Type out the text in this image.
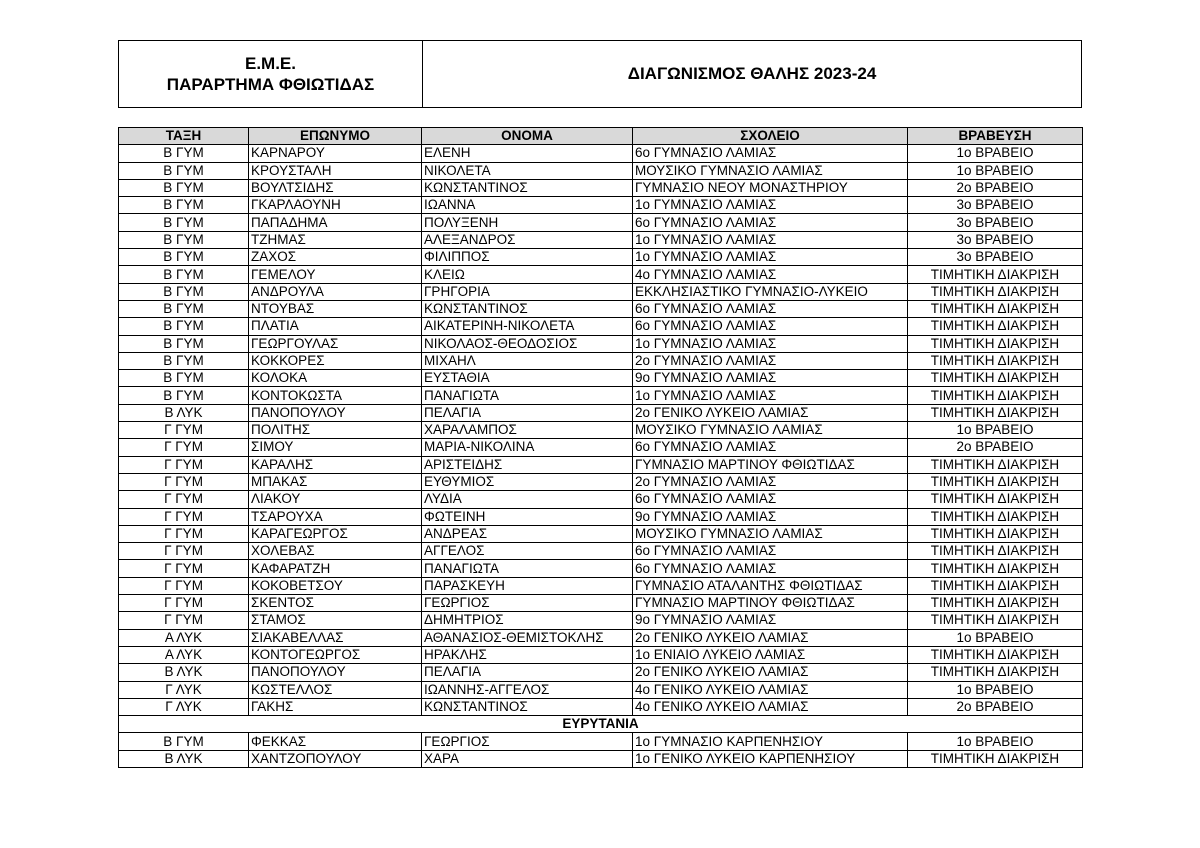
Ε.Μ.Ε.
ΠΑΡΑΡΤΗΜΑ ΦΘΙΩΤΙΔΑΣ
ΔΙΑΓΩΝΙΣΜΟΣ ΘΑΛΗΣ 2023-24
ΤΑΞΗ	ΕΠΩΝΥΜΟ	ΟΝΟΜΑ	ΣΧΟΛΕΙΟ	ΒΡΑΒΕΥΣΗ
Β ΓΥΜ	ΚΑΡΝΑΡΟΥ	ΕΛΕΝΗ	6ο ΓΥΜΝΑΣΙΟ ΛΑΜΙΑΣ	1ο ΒΡΑΒΕΙΟ
Β ΓΥΜ	ΚΡΟΥΣΤΑΛΗ	ΝΙΚΟΛΕΤΑ	ΜΟΥΣΙΚΟ ΓΥΜΝΑΣΙΟ ΛΑΜΙΑΣ	1ο ΒΡΑΒΕΙΟ
Β ΓΥΜ	ΒΟΥΛΤΣΙΔΗΣ	ΚΩΝΣΤΑΝΤΙΝΟΣ	ΓΥΜΝΑΣΙΟ ΝΕΟΥ ΜΟΝΑΣΤΗΡΙΟΥ	2ο ΒΡΑΒΕΙΟ
Β ΓΥΜ	ΓΚΑΡΛΑΟΥΝΗ	ΙΩΑΝΝΑ	1ο ΓΥΜΝΑΣΙΟ ΛΑΜΙΑΣ	3ο ΒΡΑΒΕΙΟ
Β ΓΥΜ	ΠΑΠΑΔΗΜΑ	ΠΟΛΥΞΕΝΗ	6ο ΓΥΜΝΑΣΙΟ ΛΑΜΙΑΣ	3ο ΒΡΑΒΕΙΟ
Β ΓΥΜ	ΤΖΗΜΑΣ	ΑΛΕΞΑΝΔΡΟΣ	1ο ΓΥΜΝΑΣΙΟ ΛΑΜΙΑΣ	3ο ΒΡΑΒΕΙΟ
Β ΓΥΜ	ΖΑΧΟΣ	ΦΙΛΙΠΠΟΣ	1ο ΓΥΜΝΑΣΙΟ ΛΑΜΙΑΣ	3ο ΒΡΑΒΕΙΟ
Β ΓΥΜ	ΓΕΜΕΛΟΥ	ΚΛΕΙΩ	4ο ΓΥΜΝΑΣΙΟ ΛΑΜΙΑΣ	ΤΙΜΗΤΙΚΗ ΔΙΑΚΡΙΣΗ
Β ΓΥΜ	ΑΝΔΡΟΥΛΑ	ΓΡΗΓΟΡΙΑ	ΕΚΚΛΗΣΙΑΣΤΙΚΟ ΓΥΜΝΑΣΙΟ-ΛΥΚΕΙΟ	ΤΙΜΗΤΙΚΗ ΔΙΑΚΡΙΣΗ
Β ΓΥΜ	ΝΤΟΥΒΑΣ	ΚΩΝΣΤΑΝΤΙΝΟΣ	6ο ΓΥΜΝΑΣΙΟ ΛΑΜΙΑΣ	ΤΙΜΗΤΙΚΗ ΔΙΑΚΡΙΣΗ
Β ΓΥΜ	ΠΛΑΤΙΑ	ΑΙΚΑΤΕΡΙΝΗ-ΝΙΚΟΛΕΤΑ	6ο ΓΥΜΝΑΣΙΟ ΛΑΜΙΑΣ	ΤΙΜΗΤΙΚΗ ΔΙΑΚΡΙΣΗ
Β ΓΥΜ	ΓΕΩΡΓΟΥΛΑΣ	ΝΙΚΟΛΑΟΣ-ΘΕΟΔΟΣΙΟΣ	1ο ΓΥΜΝΑΣΙΟ ΛΑΜΙΑΣ	ΤΙΜΗΤΙΚΗ ΔΙΑΚΡΙΣΗ
Β ΓΥΜ	ΚΟΚΚΟΡΕΣ	ΜΙΧΑΗΛ	2ο ΓΥΜΝΑΣΙΟ ΛΑΜΙΑΣ	ΤΙΜΗΤΙΚΗ ΔΙΑΚΡΙΣΗ
Β ΓΥΜ	ΚΟΛΟΚΑ	ΕΥΣΤΑΘΙΑ	9ο ΓΥΜΝΑΣΙΟ ΛΑΜΙΑΣ	ΤΙΜΗΤΙΚΗ ΔΙΑΚΡΙΣΗ
Β ΓΥΜ	ΚΟΝΤΟΚΩΣΤΑ	ΠΑΝΑΓΙΩΤΑ	1ο ΓΥΜΝΑΣΙΟ ΛΑΜΙΑΣ	ΤΙΜΗΤΙΚΗ ΔΙΑΚΡΙΣΗ
Β ΛΥΚ	ΠΑΝΟΠΟΥΛΟΥ	ΠΕΛΑΓΙΑ	2ο ΓΕΝΙΚΟ ΛΥΚΕΙΟ ΛΑΜΙΑΣ	ΤΙΜΗΤΙΚΗ ΔΙΑΚΡΙΣΗ
Γ ΓΥΜ	ΠΟΛΙΤΗΣ	ΧΑΡΑΛΑΜΠΟΣ	ΜΟΥΣΙΚΟ ΓΥΜΝΑΣΙΟ ΛΑΜΙΑΣ	1ο ΒΡΑΒΕΙΟ
Γ ΓΥΜ	ΣΙΜΟΥ	ΜΑΡΙΑ-ΝΙΚΟΛΙΝΑ	6ο ΓΥΜΝΑΣΙΟ ΛΑΜΙΑΣ	2ο ΒΡΑΒΕΙΟ
Γ ΓΥΜ	ΚΑΡΑΛΗΣ	ΑΡΙΣΤΕΙΔΗΣ	ΓΥΜΝΑΣΙΟ ΜΑΡΤΙΝΟΥ ΦΘΙΩΤΙΔΑΣ	ΤΙΜΗΤΙΚΗ ΔΙΑΚΡΙΣΗ
Γ ΓΥΜ	ΜΠΑΚΑΣ	ΕΥΘΥΜΙΟΣ	2ο ΓΥΜΝΑΣΙΟ ΛΑΜΙΑΣ	ΤΙΜΗΤΙΚΗ ΔΙΑΚΡΙΣΗ
Γ ΓΥΜ	ΛΙΑΚΟΥ	ΛΥΔΙΑ	6ο ΓΥΜΝΑΣΙΟ ΛΑΜΙΑΣ	ΤΙΜΗΤΙΚΗ ΔΙΑΚΡΙΣΗ
Γ ΓΥΜ	ΤΣΑΡΟΥΧΑ	ΦΩΤΕΙΝΗ	9ο ΓΥΜΝΑΣΙΟ ΛΑΜΙΑΣ	ΤΙΜΗΤΙΚΗ ΔΙΑΚΡΙΣΗ
Γ ΓΥΜ	ΚΑΡΑΓΕΩΡΓΟΣ	ΑΝΔΡΕΑΣ	ΜΟΥΣΙΚΟ ΓΥΜΝΑΣΙΟ ΛΑΜΙΑΣ	ΤΙΜΗΤΙΚΗ ΔΙΑΚΡΙΣΗ
Γ ΓΥΜ	ΧΟΛΕΒΑΣ	ΑΓΓΕΛΟΣ	6ο ΓΥΜΝΑΣΙΟ ΛΑΜΙΑΣ	ΤΙΜΗΤΙΚΗ ΔΙΑΚΡΙΣΗ
Γ ΓΥΜ	ΚΑΦΑΡΑΤΖΗ	ΠΑΝΑΓΙΩΤΑ	6ο ΓΥΜΝΑΣΙΟ ΛΑΜΙΑΣ	ΤΙΜΗΤΙΚΗ ΔΙΑΚΡΙΣΗ
Γ ΓΥΜ	ΚΟΚΟΒΕΤΣΟΥ	ΠΑΡΑΣΚΕΥΗ	ΓΥΜΝΑΣΙΟ ΑΤΑΛΑΝΤΗΣ ΦΘΙΩΤΙΔΑΣ	ΤΙΜΗΤΙΚΗ ΔΙΑΚΡΙΣΗ
Γ ΓΥΜ	ΣΚΕΝΤΟΣ	ΓΕΩΡΓΙΟΣ	ΓΥΜΝΑΣΙΟ ΜΑΡΤΙΝΟΥ ΦΘΙΩΤΙΔΑΣ	ΤΙΜΗΤΙΚΗ ΔΙΑΚΡΙΣΗ
Γ ΓΥΜ	ΣΤΑΜΟΣ	ΔΗΜΗΤΡΙΟΣ	9ο ΓΥΜΝΑΣΙΟ ΛΑΜΙΑΣ	ΤΙΜΗΤΙΚΗ ΔΙΑΚΡΙΣΗ
Α ΛΥΚ	ΣΙΑΚΑΒΕΛΛΑΣ	ΑΘΑΝΑΣΙΟΣ-ΘΕΜΙΣΤΟΚΛΗΣ	2ο ΓΕΝΙΚΟ ΛΥΚΕΙΟ ΛΑΜΙΑΣ	1ο ΒΡΑΒΕΙΟ
Α ΛΥΚ	ΚΟΝΤΟΓΕΩΡΓΟΣ	ΗΡΑΚΛΗΣ	1ο ΕΝΙΑΙΟ ΛΥΚΕΙΟ ΛΑΜΙΑΣ	ΤΙΜΗΤΙΚΗ ΔΙΑΚΡΙΣΗ
Β ΛΥΚ	ΠΑΝΟΠΟΥΛΟΥ	ΠΕΛΑΓΙΑ	2ο ΓΕΝΙΚΟ ΛΥΚΕΙΟ ΛΑΜΙΑΣ	ΤΙΜΗΤΙΚΗ ΔΙΑΚΡΙΣΗ
Γ ΛΥΚ	ΚΩΣΤΕΛΛΟΣ	ΙΩΑΝΝΗΣ-ΑΓΓΕΛΟΣ	4ο ΓΕΝΙΚΟ ΛΥΚΕΙΟ ΛΑΜΙΑΣ	1ο ΒΡΑΒΕΙΟ
Γ ΛΥΚ	ΓΑΚΗΣ	ΚΩΝΣΤΑΝΤΙΝΟΣ	4ο ΓΕΝΙΚΟ ΛΥΚΕΙΟ ΛΑΜΙΑΣ	2ο ΒΡΑΒΕΙΟ
ΕΥΡΥΤΑΝΙΑ				
Β ΓΥΜ	ΦΕΚΚΑΣ	ΓΕΩΡΓΙΟΣ	1ο ΓΥΜΝΑΣΙΟ ΚΑΡΠΕΝΗΣΙΟΥ	1ο ΒΡΑΒΕΙΟ
Β ΛΥΚ	ΧΑΝΤΖΟΠΟΥΛΟΥ	ΧΑΡΑ	1ο ΓΕΝΙΚΟ ΛΥΚΕΙΟ ΚΑΡΠΕΝΗΣΙΟΥ	ΤΙΜΗΤΙΚΗ ΔΙΑΚΡΙΣΗ
